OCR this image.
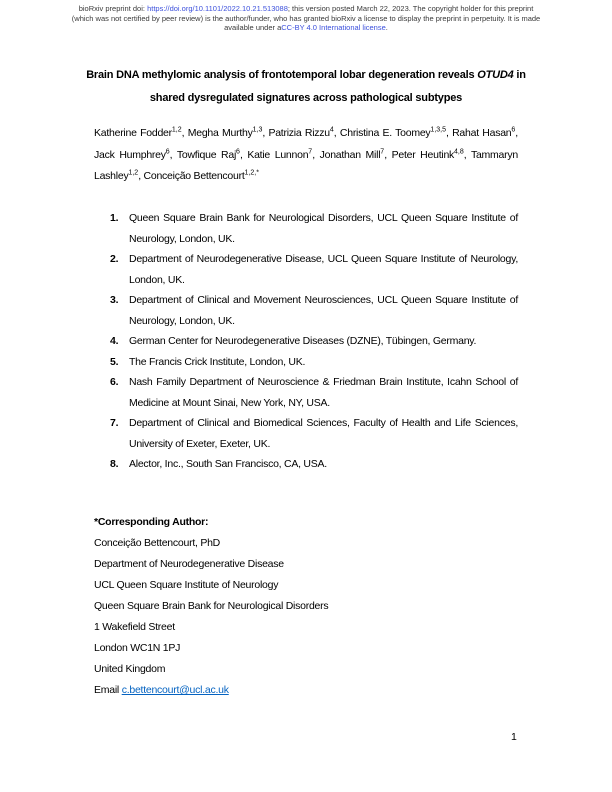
bioRxiv preprint doi: https://doi.org/10.1101/2022.10.21.513088; this version posted March 22, 2023. The copyright holder for this preprint
(which was not certified by peer review) is the author/funder, who has granted bioRxiv a license to display the preprint in perpetuity. It is made
available under aCC-BY 4.0 International license.
Brain DNA methylomic analysis of frontotemporal lobar degeneration reveals OTUD4 in
shared dysregulated signatures across pathological subtypes

Katherine Fodder$^{1,2}$, Megha Murthy$^{1,3}$, Patrizia Rizzu$^4$, Christina E. Toomey$^{1,3,5}$, Rahat Hasan$^6$, Jack Humphrey$^6$, Towfique Raj$^6$, Katie Lunnon$^7$, Jonathan Mill$^7$, Peter Heutink$^{4,8}$, Tammaryn Lashley$^{1,2}$, Conceição Bettencourt$^{1,2,*}$

1.	Queen Square Brain Bank for Neurological Disorders, UCL Queen Square Institute of Neurology, London, UK.
2.	Department of Neurodegenerative Disease, UCL Queen Square Institute of Neurology, London, UK.
3.	Department of Clinical and Movement Neurosciences, UCL Queen Square Institute of Neurology, London, UK.
4.	German Center for Neurodegenerative Diseases (DZNE), Tübingen, Germany.
5.	The Francis Crick Institute, London, UK.
6.	Nash Family Department of Neuroscience & Friedman Brain Institute, Icahn School of Medicine at Mount Sinai, New York, NY, USA.
7.	Department of Clinical and Biomedical Sciences, Faculty of Health and Life Sciences, University of Exeter, Exeter, UK.
8.	Alector, Inc., South San Francisco, CA, USA.
*Corresponding Author:
Conceição Bettencourt, PhD
Department of Neurodegenerative Disease
UCL Queen Square Institute of Neurology
Queen Square Brain Bank for Neurological Disorders
1 Wakefield Street
London WC1N 1PJ
United Kingdom
Email c.bettencourt@ucl.ac.uk
1
